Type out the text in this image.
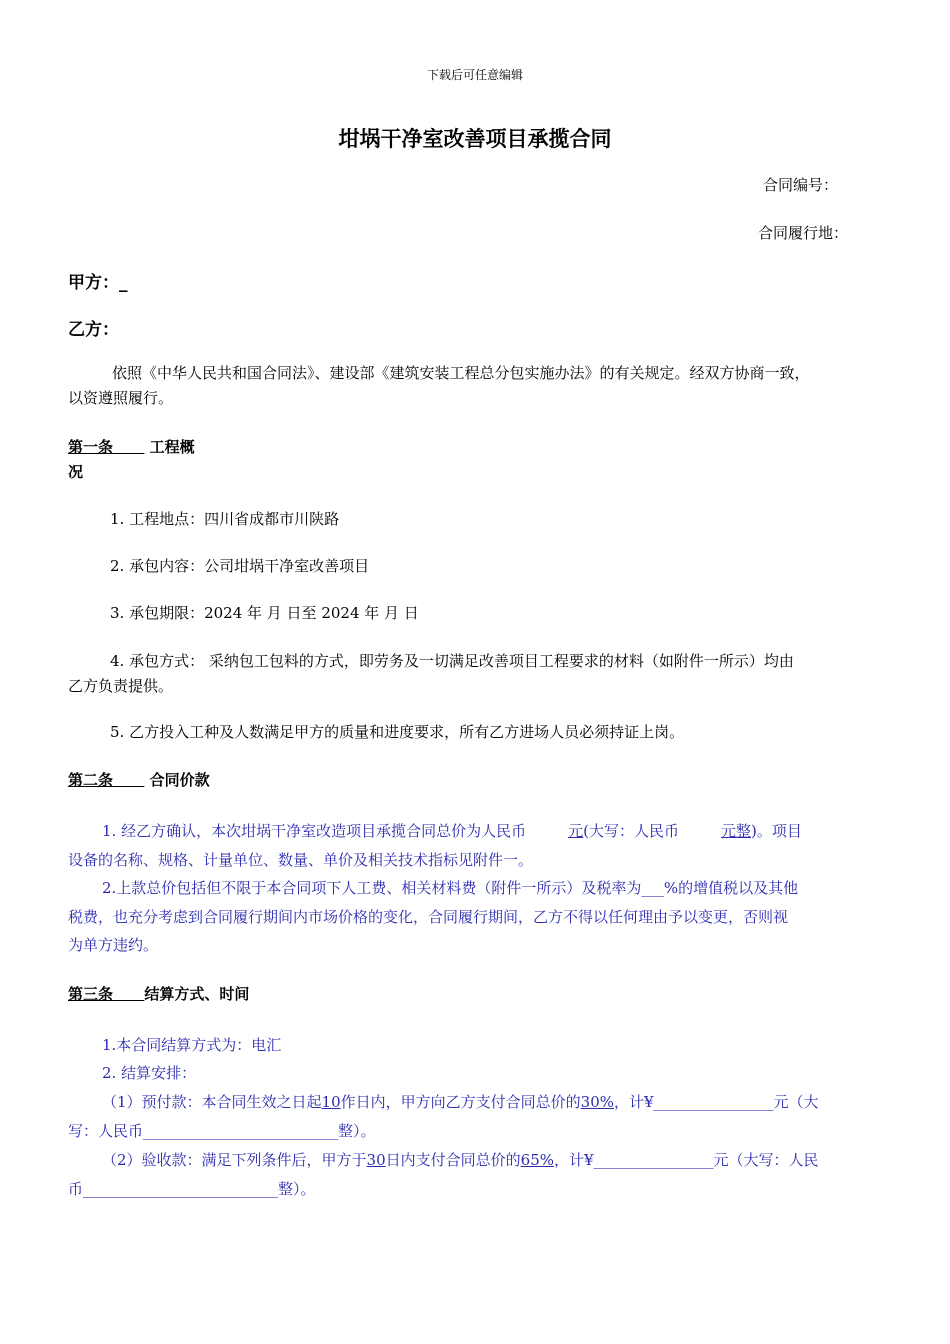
下载后可任意编辑
坩埚干净室改善项目承揽合同
合同编号：
合同履行地：
甲方：_
乙方：
依照《中华人民共和国合同法》、建设部《建筑安装工程总分包实施办法》的有关规定。经双方协商一致，
以资遵照履行。
第一条 工程概
况
1. 工程地点：四川省成都市川陕路
2. 承包内容：公司坩埚干净室改善项目
3. 承包期限：2024 年 月 日至 2024 年 月 日
4. 承包方式： 采纳包工包料的方式，即劳务及一切满足改善项目工程要求的材料（如附件一所示）均由
乙方负责提供。
5. 乙方投入工种及人数满足甲方的质量和进度要求，所有乙方进场人员必须持证上岗。
第二条 合同价款
1. 经乙方确认，本次坩埚干净室改造项目承揽合同总价为人民币	元(大写：人民币	元整)。项目
设备的名称、规格、计量单位、数量、单价及相关技术指标见附件一。
2.上款总价包括但不限于本合同项下人工费、相关材料费（附件一所示）及税率为___%的增值税以及其他
税费，也充分考虑到合同履行期间内市场价格的变化，合同履行期间，乙方不得以任何理由予以变更，否则视
为单方违约。
第三条 结算方式、时间
1.本合同结算方式为：电汇
2. 结算安排：
（1）预付款：本合同生效之日起10作日内，甲方向乙方支付合同总价的30%，计¥________________元（大
写：人民币__________________________整）。
（2）验收款：满足下列条件后，甲方于30日内支付合同总价的65%，计¥________________元（大写：人民
币__________________________整）。
